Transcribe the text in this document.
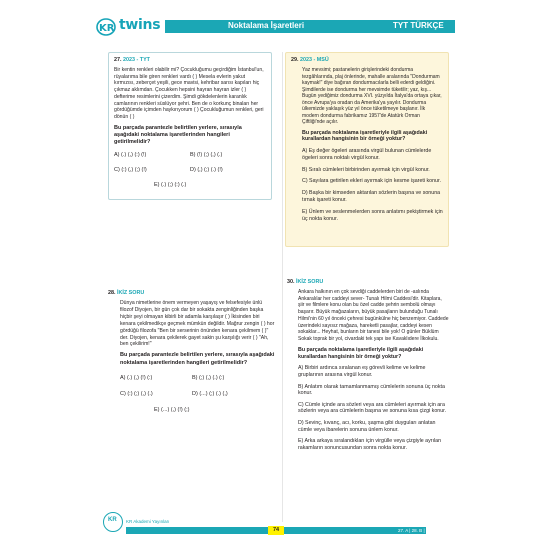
KR twins	Noktalama İşaretleri	TYT TÜRKÇE

27. 2023 - TYT

Bir kentin renkleri olabilir mi? Çocukluğumu geçirdiğim İstanbul'un, rüyalarıma bile giren renkleri vardı ( ) Mesela evlerin yakut kırmızısı, zeberçet yeşili, gece mavisi, kehribar sarısı kapıları hiç çıkmaz aklımdan. Çocukken hepsini hayran hayran izler ( ) defterime resimlerini çizerdim. Şimdi gökdelenlerin karanlık camlarının renkleri süslüyor şehri. Ben de o korkunç binaları her gördüğümde içimden haykırıyorum ( ) Çocukluğumun renkleri, geri dönün ( )

Bu parçada parantezle belirtilen yerlere, sırasıyla aşağıdaki noktalama işaretlerinden hangileri getirilmelidir?

A) (.) (,) (:) (!)	B) (!) (;) (,) (.)
C) (:) (,) (;) (!)	D) (,) (;) (.) (!)
E) (.) (;) (:) (.)

28. İKİZ SORU

Dünya nimetlerine önem vermeyen yaşayış ve felsefesiyle ünlü filozof Diyojen, bir gün çok dar bir sokakta zenginliğinden başka hiçbir şeyi olmayan kibirli bir adamla karşılaşır ( ) İkisinden biri kenara çekilmedikçe geçmek mümkün değildir. Mağrur zengin ( ) hor gördüğü filozofa "Ben bir serserinin önünden kenara çekilmem ( )" der. Diyojen, kenara çekilerek gayet sakin şu karşılığı verir ( ) "Ah, ben çekilirim!"

Bu parçada parantezle belirtilen yerlere, sırasıyla aşağıdaki noktalama işaretlerinden hangileri getirilmelidir?

A) (.) (,) (!) (:)	B) (;) (,) (.) (:)
C) (:) (;) (,) (.)	D) (...) (;) (.) (,)
E) (...) (,) (!) (;)

29. 2023 - MSÜ

Yaz mevsimi; pastanelerin girişlerindeki dondurma tezgâhlarında, plaj önlerinde, mahalle aralarında "Dondurmam kaymak!" diye bağıran dondurmacılarla belli ederdi geldiğini. Şimdilerde ise dondurma her mevsimde tüketilir; yaz, kış... Bugün yediğimiz dondurma XVI. yüzyılda İtalya'da ortaya çıkar, önce Avrupa'ya oradan da Amerika'ya yayılır. Dondurma ülkemizde yaklaşık yüz yıl önce tüketilmeye başlanır. İlk modern dondurma fabrikamız 1957'de Atatürk Orman Çiftliği'nde açılır.

Bu parçada noktalama işaretleriyle ilgili aşağıdaki kurallardan hangisinin bir örneği yoktur?

A) Eş değer ögeleri arasında virgül bulunan cümlelerde ögeleri sonra noktalı virgül konur.

B) Sıralı cümleleri birbirinden ayırmak için virgül konur.

C) Sayılara getirilen ekleri ayırmak için kesme işareti konur.

D) Başka bir kimseden aktarılan sözlerin başına ve sonuna tırnak işareti konur.

E) Ünlem ve seslenmelerden sonra anlatımı pekiştirmek için üç nokta konur.

30. İKİZ SORU

Ankara halkının en çok sevdiği caddelerden biri de -aslında Ankaralılar her caddeyi sever- Tunalı Hilmi Caddesi'dir. Kitaplara, şiir ve filmlere konu olan bu özel cadde şehrin sembolü olmayı başarır. Büyük mağazaların, büyük pasajların bulunduğu Tunalı Hilmi'nin 60 yıl önceki çehresi bugünkülne hiç benzemiyor. Caddede üzerindeki sayısız mağaza, hareketli pasajlar, caddeyi kesen sokaklar... Heyhat, bunların bir tanesi bile yok! O günler Büklüm Sokak toprak bir yol, civardaki tek yapı ise Kavaklıdere İlkokulu.

Bu parçada noktalama işaretleriyle ilgili aşağıdaki kurallardan hangisinin bir örneği yoktur?

A) Birbiri ardınca sıralanan eş görevli kelime ve kelime gruplarının arasına virgül konur.

B) Anlatım olarak tamamlanmamış cümlelerin sonuna üç nokta konur.

C) Cümle içinde ara sözleri veya ara cümleleri ayırmak için ara sözlerin veya ara cümlelerin başına ve sonuna kısa çizgi konur.

D) Sevinç, kıvanç, acı, korku, şaşma gibi duyguları anlatan cümle veya ibarelerin sonuna ünlem konur.

E) Arka arkaya sıralandıkları için virgülle veya çizgiyle ayrılan rakamların sonuncusundan sonra nokta konur.

KR KR Akademi Yayınları
74	27. A | 28. B | 29. E | 30. E
